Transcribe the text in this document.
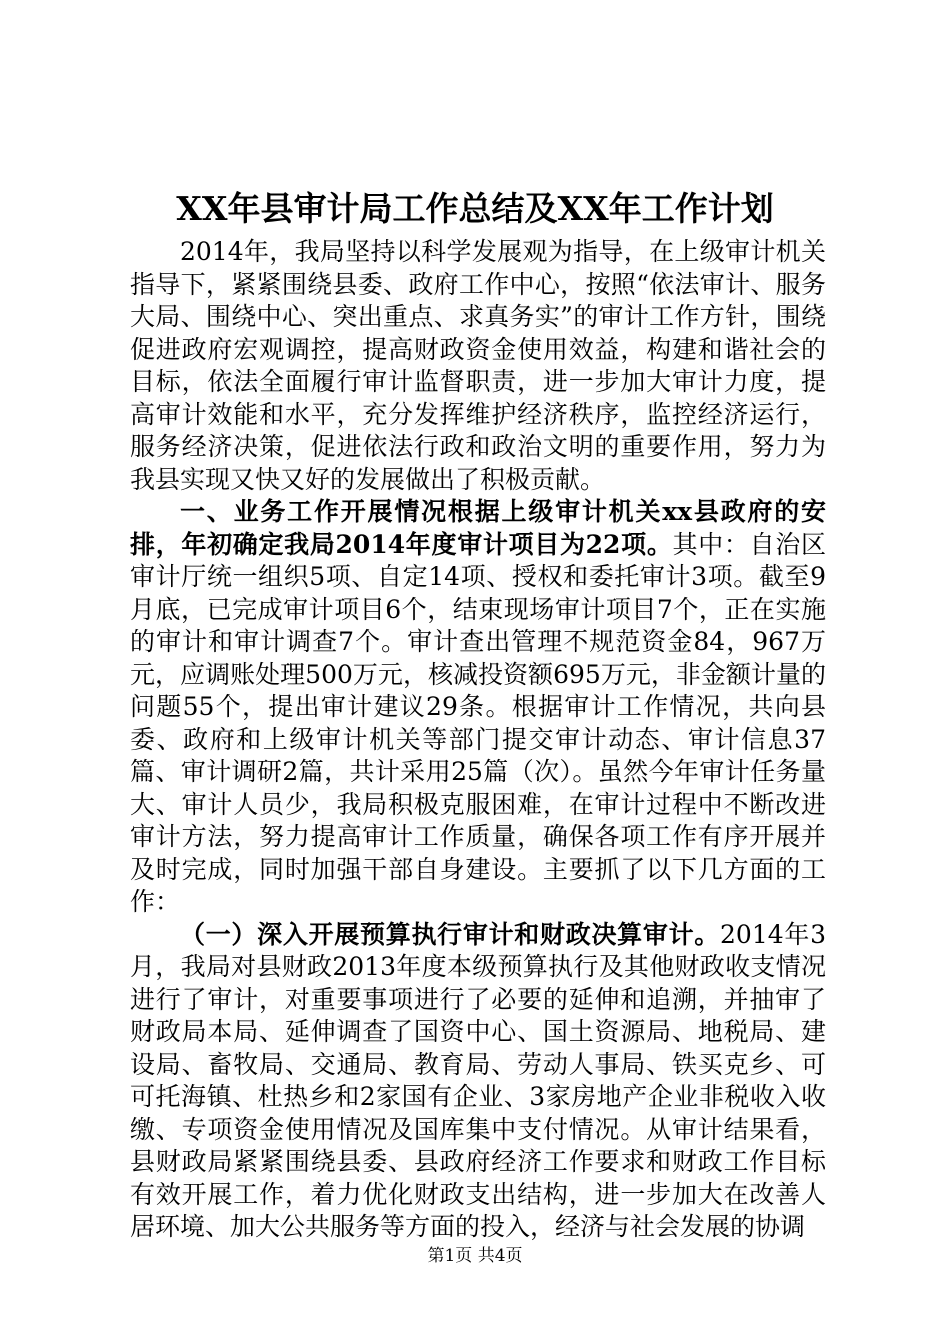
XX年县审计局工作总结及XX年工作计划

2014年，我局坚持以科学发展观为指导，在上级审计机关指导下，紧紧围绕县委、政府工作中心，按照“依法审计、服务大局、围绕中心、突出重点、求真务实”的审计工作方针，围绕促进政府宏观调控，提高财政资金使用效益，构建和谐社会的目标，依法全面履行审计监督职责，进一步加大审计力度，提高审计效能和水平，充分发挥维护经济秩序，监控经济运行，服务经济决策，促进依法行政和政治文明的重要作用，努力为我县实现又快又好的发展做出了积极贡献。

一、业务工作开展情况根据上级审计机关xx县政府的安排，年初确定我局2014年度审计项目为22项。其中：自治区审计厅统一组织5项、自定14项、授权和委托审计3项。截至9月底，已完成审计项目6个，结束现场审计项目7个，正在实施的审计和审计调查7个。审计查出管理不规范资金84，967万元，应调账处理500万元，核减投资额695万元，非金额计量的问题55个，提出审计建议29条。根据审计工作情况，共向县委、政府和上级审计机关等部门提交审计动态、审计信息37篇、审计调研2篇，共计采用25篇（次）。虽然今年审计任务量大、审计人员少，我局积极克服困难，在审计过程中不断改进审计方法，努力提高审计工作质量，确保各项工作有序开展并及时完成，同时加强干部自身建设。主要抓了以下几方面的工作：

（一）深入开展预算执行审计和财政决算审计。2014年3月，我局对县财政2013年度本级预算执行及其他财政收支情况进行了审计，对重要事项进行了必要的延伸和追溯，并抽审了财政局本局、延伸调查了国资中心、国土资源局、地税局、建设局、畜牧局、交通局、教育局、劳动人事局、铁买克乡、可可托海镇、杜热乡和2家国有企业、3家房地产企业非税收入收缴、专项资金使用情况及国库集中支付情况。从审计结果看，县财政局紧紧围绕县委、县政府经济工作要求和财政工作目标有效开展工作，着力优化财政支出结构，进一步加大在改善人居环境、加大公共服务等方面的投入，经济与社会发展的协调

第1页 共4页
